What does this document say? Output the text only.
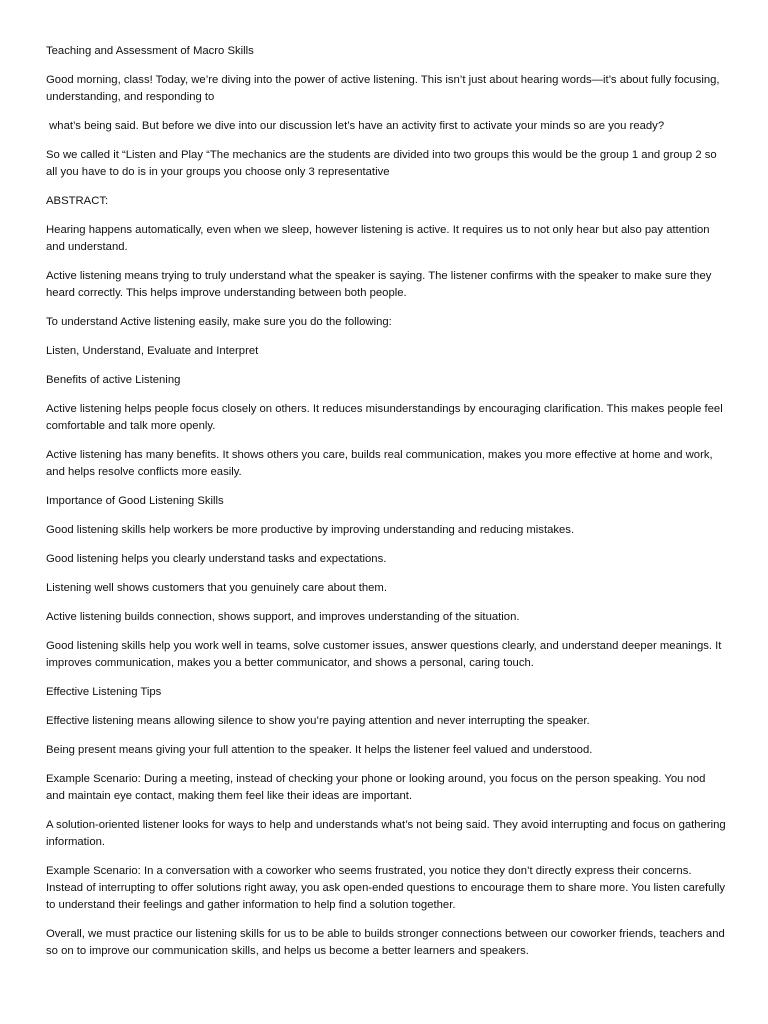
Teaching and Assessment of Macro Skills

Good morning, class! Today, we’re diving into the power of active listening. This isn’t just about hearing words—it’s about fully focusing, understanding, and responding to

what’s being said. But before we dive into our discussion let’s have an activity first to activate your minds so are you ready?

So we called it “Listen and Play “The mechanics are the students are divided into two groups this would be the group 1 and group 2 so all you have to do is in your groups you choose only 3 representative

ABSTRACT:

Hearing happens automatically, even when we sleep, however listening is active. It requires us to not only hear but also pay attention and understand.

Active listening means trying to truly understand what the speaker is saying. The listener confirms with the speaker to make sure they heard correctly. This helps improve understanding between both people.

To understand Active listening easily, make sure you do the following:

Listen, Understand, Evaluate and Interpret

Benefits of active Listening

Active listening helps people focus closely on others. It reduces misunderstandings by encouraging clarification. This makes people feel comfortable and talk more openly.

Active listening has many benefits. It shows others you care, builds real communication, makes you more effective at home and work, and helps resolve conflicts more easily.

Importance of Good Listening Skills

Good listening skills help workers be more productive by improving understanding and reducing mistakes.

Good listening helps you clearly understand tasks and expectations.

Listening well shows customers that you genuinely care about them.

Active listening builds connection, shows support, and improves understanding of the situation.

Good listening skills help you work well in teams, solve customer issues, answer questions clearly, and understand deeper meanings. It improves communication, makes you a better communicator, and shows a personal, caring touch.

Effective Listening Tips

Effective listening means allowing silence to show you’re paying attention and never interrupting the speaker.

Being present means giving your full attention to the speaker. It helps the listener feel valued and understood.

Example Scenario: During a meeting, instead of checking your phone or looking around, you focus on the person speaking. You nod and maintain eye contact, making them feel like their ideas are important.

A solution-oriented listener looks for ways to help and understands what’s not being said. They avoid interrupting and focus on gathering information.

Example Scenario: In a conversation with a coworker who seems frustrated, you notice they don’t directly express their concerns. Instead of interrupting to offer solutions right away, you ask open-ended questions to encourage them to share more. You listen carefully to understand their feelings and gather information to help find a solution together.

Overall, we must practice our listening skills for us to be able to builds stronger connections between our coworker friends, teachers and so on to improve our communication skills, and helps us become a better learners and speakers.
